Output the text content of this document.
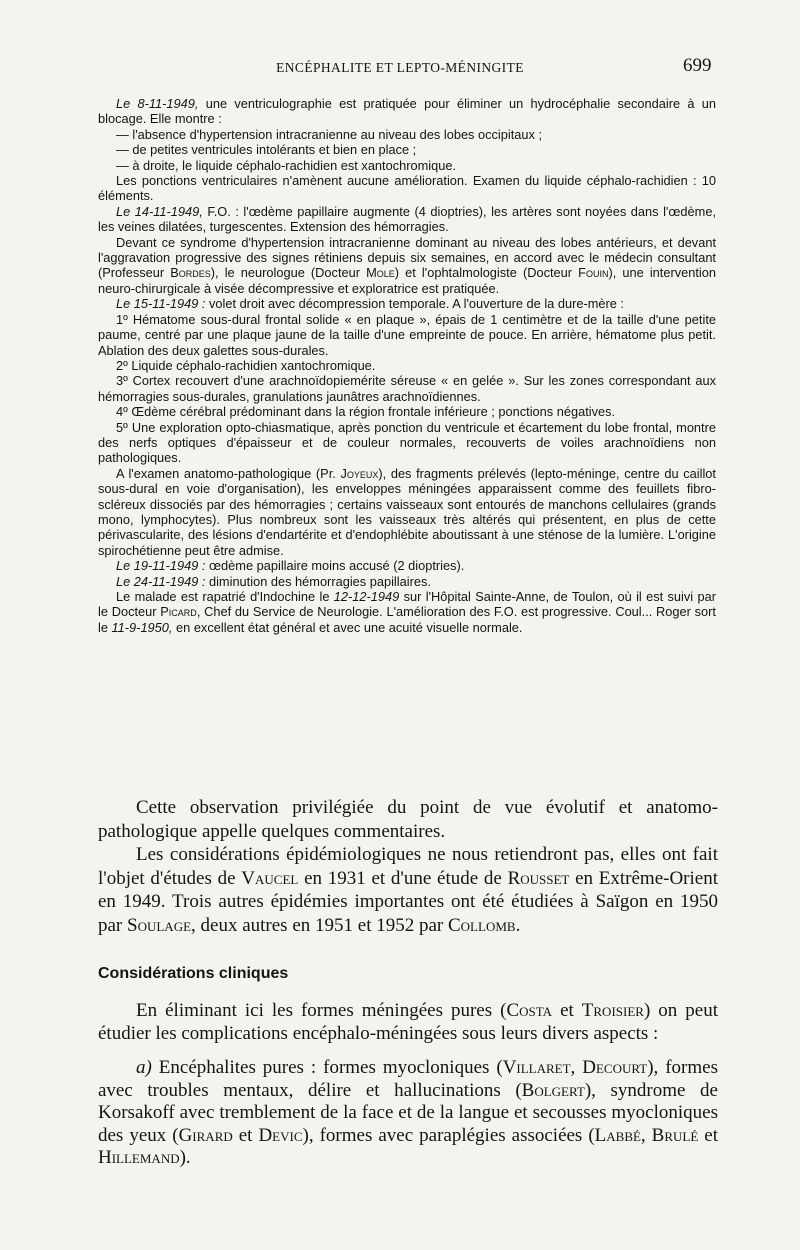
ENCÉPHALITE ET LEPTO-MÉNINGITE	699

Le 8-11-1949, une ventriculographie est pratiquée pour éliminer un hydrocéphalie secondaire à un blocage. Elle montre :

— l'absence d'hypertension intracranienne au niveau des lobes occipitaux ;

— de petites ventricules intolérants et bien en place ;

— à droite, le liquide céphalo-rachidien est xantochromique.

Les ponctions ventriculaires n'amènent aucune amélioration. Examen du liquide céphalo-rachidien : 10 éléments.

Le 14-11-1949, F.O. : l'œdème papillaire augmente (4 dioptries), les artères sont noyées dans l'œdème, les veines dilatées, turgescentes. Extension des hémorragies.

Devant ce syndrome d'hypertension intracranienne dominant au niveau des lobes antérieurs, et devant l'aggravation progressive des signes rétiniens depuis six semaines, en accord avec le médecin consultant (Professeur Bordes), le neurologue (Docteur Mole) et l'ophtalmologiste (Docteur Fouin), une intervention neuro-chirurgicale à visée décompressive et exploratrice est pratiquée.

Le 15-11-1949 : volet droit avec décompression temporale. A l'ouverture de la dure-mère :

1º Hématome sous-dural frontal solide « en plaque », épais de 1 centimètre et de la taille d'une petite paume, centré par une plaque jaune de la taille d'une empreinte de pouce. En arrière, hématome plus petit. Ablation des deux galettes sous-durales.

2º Liquide céphalo-rachidien xantochromique.

3º Cortex recouvert d'une arachnoïdopiemérite séreuse « en gelée ». Sur les zones correspondant aux hémorragies sous-durales, granulations jaunâtres arachnoïdiennes.

4º Œdème cérébral prédominant dans la région frontale inférieure ; ponctions négatives.

5º Une exploration opto-chiasmatique, après ponction du ventricule et écartement du lobe frontal, montre des nerfs optiques d'épaisseur et de couleur normales, recouverts de voiles arachnoïdiens non pathologiques.

A l'examen anatomo-pathologique (Pr. Joyeux), des fragments prélevés (lepto-méninge, centre du caillot sous-dural en voie d'organisation), les enveloppes méningées apparaissent comme des feuillets fibro-scléreux dissociés par des hémorragies ; certains vaisseaux sont entourés de manchons cellulaires (grands mono, lymphocytes). Plus nombreux sont les vaisseaux très altérés qui présentent, en plus de cette périvascularite, des lésions d'endartérite et d'endophlébite aboutissant à une sténose de la lumière. L'origine spirochétienne peut être admise.

Le 19-11-1949 : œdème papillaire moins accusé (2 dioptries).

Le 24-11-1949 : diminution des hémorragies papillaires.

Le malade est rapatrié d'Indochine le 12-12-1949 sur l'Hôpital Sainte-Anne, de Toulon, où il est suivi par le Docteur Picard, Chef du Service de Neurologie. L'amélioration des F.O. est progressive. Coul... Roger sort le 11-9-1950, en excellent état général et avec une acuité visuelle normale.

Cette observation privilégiée du point de vue évolutif et anatomo-pathologique appelle quelques commentaires.

Les considérations épidémiologiques ne nous retiendront pas, elles ont fait l'objet d'études de Vaucel en 1931 et d'une étude de Rousset en Extrême-Orient en 1949. Trois autres épidémies importantes ont été étudiées à Saïgon en 1950 par Soulage, deux autres en 1951 et 1952 par Collomb.

Considérations cliniques

En éliminant ici les formes méningées pures (Costa et Troisier) on peut étudier les complications encéphalo-méningées sous leurs divers aspects :

a) Encéphalites pures : formes myocloniques (Villaret, Decourt), formes avec troubles mentaux, délire et hallucinations (Bolgert), syndrome de Korsakoff avec tremblement de la face et de la langue et secousses myocloniques des yeux (Girard et Devic), formes avec paraplégies associées (Labbé, Brulé et Hillemand).
